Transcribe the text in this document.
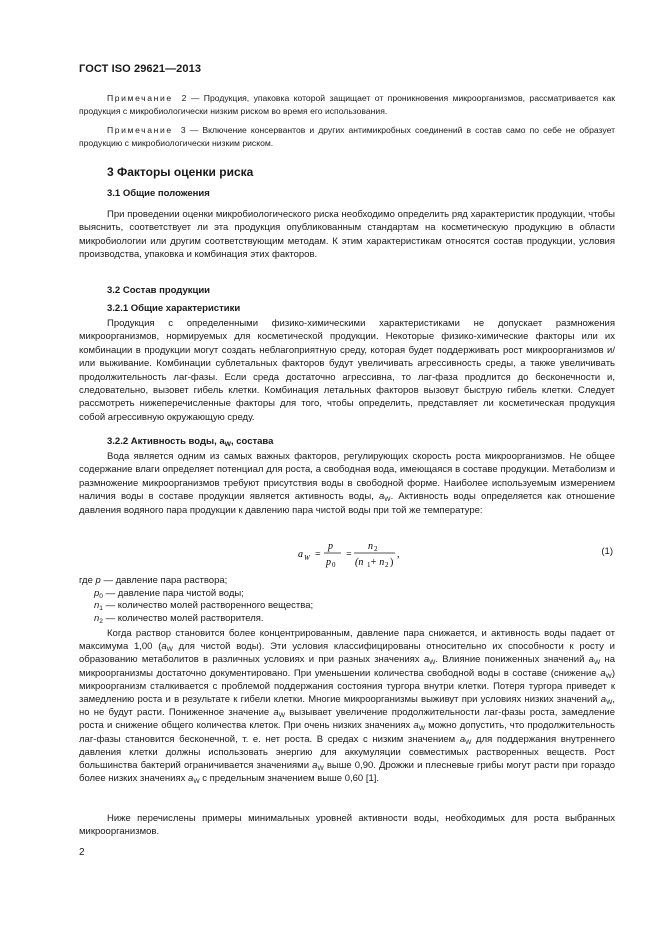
ГОСТ ISO 29621—2013
Примечание 2 — Продукция, упаковка которой защищает от проникновения микроорганизмов, рассматривается как продукция с микробиологически низким риском во время его использования.
Примечание 3 — Включение консервантов и других антимикробных соединений в состав само по себе не образует продукцию с микробиологически низким риском.
3 Факторы оценки риска
3.1 Общие положения
При проведении оценки микробиологического риска необходимо определить ряд характеристик продукции, чтобы выяснить, соответствует ли эта продукция опубликованным стандартам на косметическую продукцию в области микробиологии или другим соответствующим методам. К этим характеристикам относятся состав продукции, условия производства, упаковка и комбинация этих факторов.
3.2 Состав продукции
3.2.1 Общие характеристики
Продукция с определенными физико-химическими характеристиками не допускает размножения микроорганизмов, нормируемых для косметической продукции. Некоторые физико-химические факторы или их комбинации в продукции могут создать неблагоприятную среду, которая будет поддерживать рост микроорганизмов и/или выживание. Комбинации сублетальных факторов будут увеличивать агрессивность среды, а также увеличивать продолжительность лаг-фазы. Если среда достаточно агрессивна, то лаг-фаза продлится до бесконечности и, следовательно, вызовет гибель клетки. Комбинация летальных факторов вызовут быструю гибель клетки. Следует рассмотреть нижеперечисленные факторы для того, чтобы определить, представляет ли косметическая продукция собой агрессивную окружающую среду.
3.2.2 Активность воды, $a_W$, состава
Вода является одним из самых важных факторов, регулирующих скорость роста микроорганизмов. Не общее содержание влаги определяет потенциал для роста, а свободная вода, имеющаяся в составе продукции. Метаболизм и размножение микроорганизмов требуют присутствия воды в свободной форме. Наиболее используемым измерением наличия воды в составе продукции является активность воды, $a_W$. Активность воды определяется как отношение давления водяного пара продукции к давлению пара чистой воды при той же температуре:
a W =
p
p 0
=
n 2
(n 1 + n 2 )
,	(1)
где p — давление пара раствора;
$p_0$ — давление пара чистой воды;
$n_1$ — количество молей растворенного вещества;
$n_2$ — количество молей растворителя.
Когда раствор становится более концентрированным, давление пара снижается, и активность воды падает от максимума 1,00 ($a_W$ для чистой воды). Эти условия классифицированы относительно их способности к росту и образованию метаболитов в различных условиях и при разных значениях $a_W$. Влияние пониженных значений $a_W$ на микроорганизмы достаточно документировано. При уменьшении количества свободной воды в составе (снижение $a_W$) микроорганизм сталкивается с проблемой поддержания состояния тургора внутри клетки. Потеря тургора приведет к замедлению роста и в результате к гибели клетки. Многие микроорганизмы выживут при условиях низких значений $a_W$, но не будут расти. Пониженное значение $a_W$ вызывает увеличение продолжительности лаг-фазы роста, замедление роста и снижение общего количества клеток. При очень низких значениях $a_W$ можно допустить, что продолжительность лаг-фазы становится бесконечной, т. е. нет роста. В средах с низким значением $a_W$ для поддержания внутреннего давления клетки должны использовать энергию для аккумуляции совместимых растворенных веществ. Рост большинства бактерий ограничивается значениями $a_W$ выше 0,90. Дрожжи и плесневые грибы могут расти при гораздо более низких значениях $a_W$ с предельным значением выше 0,60 [1].
Ниже перечислены примеры минимальных уровней активности воды, необходимых для роста выбранных микроорганизмов.
2
